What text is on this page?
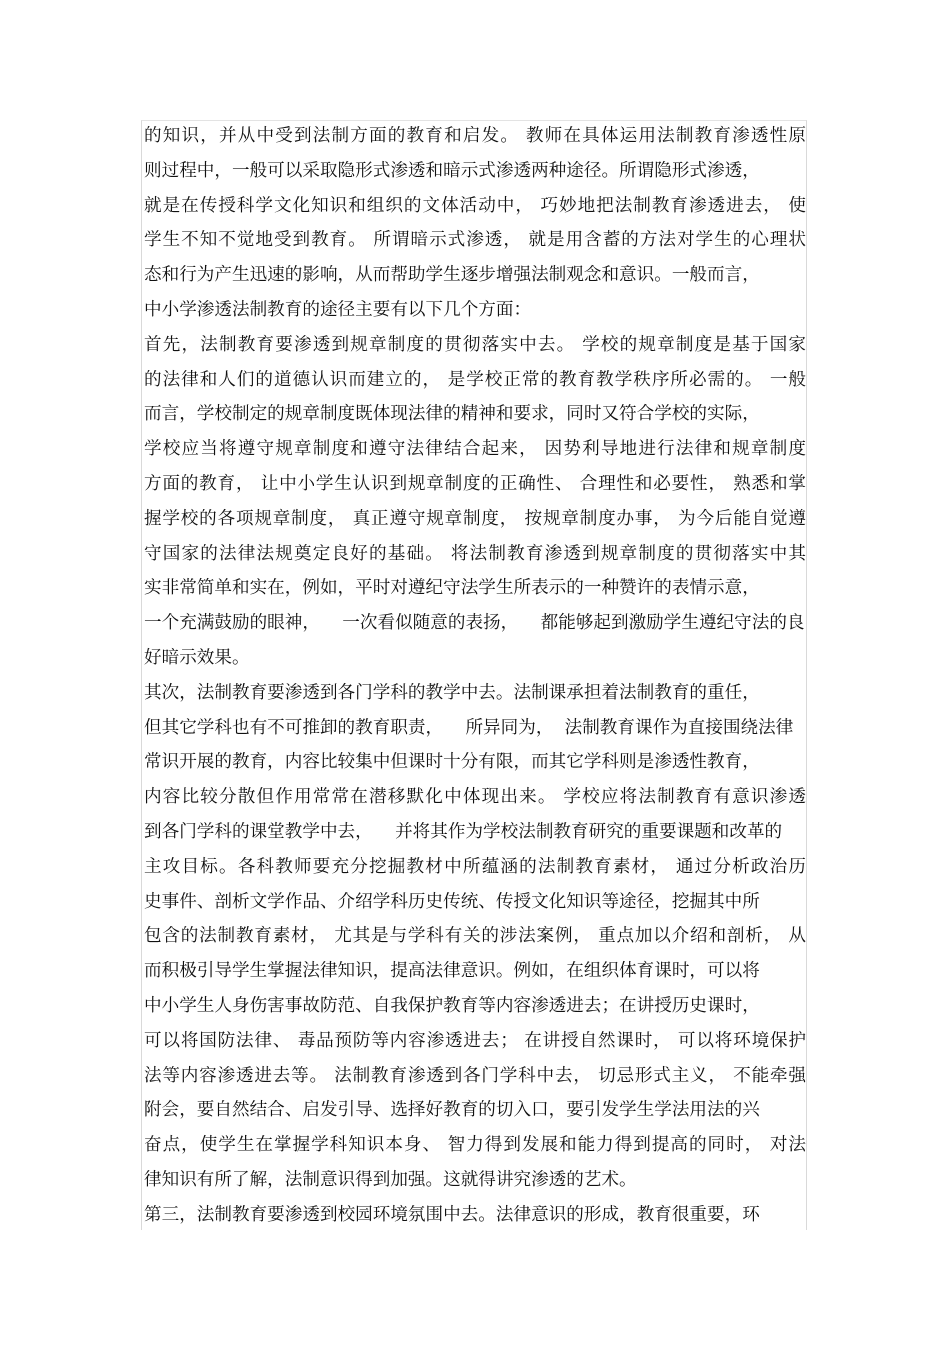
的知识，并从中受到法制方面的教育和启发。 教师在具体运用法制教育渗透性原
则过程中，一般可以采取隐形式渗透和暗示式渗透两种途径。所谓隐形式渗透，
就是在传授科学文化知识和组织的文体活动中， 巧妙地把法制教育渗透进去， 使
学生不知不觉地受到教育。 所谓暗示式渗透， 就是用含蓄的方法对学生的心理状
态和行为产生迅速的影响，从而帮助学生逐步增强法制观念和意识。一般而言，
中小学渗透法制教育的途径主要有以下几个方面：
首先，法制教育要渗透到规章制度的贯彻落实中去。 学校的规章制度是基于国家
的法律和人们的道德认识而建立的， 是学校正常的教育教学秩序所必需的。 一般
而言，学校制定的规章制度既体现法律的精神和要求，同时又符合学校的实际，
学校应当将遵守规章制度和遵守法律结合起来， 因势利导地进行法律和规章制度
方面的教育， 让中小学生认识到规章制度的正确性、 合理性和必要性， 熟悉和掌
握学校的各项规章制度， 真正遵守规章制度， 按规章制度办事， 为今后能自觉遵
守国家的法律法规奠定良好的基础。 将法制教育渗透到规章制度的贯彻落实中其
实非常简单和实在，例如，平时对遵纪守法学生所表示的一种赞许的表情示意，
一个充满鼓励的眼神，    一次看似随意的表扬，    都能够起到激励学生遵纪守法的良
好暗示效果。
其次，法制教育要渗透到各门学科的教学中去。法制课承担着法制教育的重任，
但其它学科也有不可推卸的教育职责，    所异同为，  法制教育课作为直接围绕法律
常识开展的教育，内容比较集中但课时十分有限，而其它学科则是渗透性教育，
内容比较分散但作用常常在潜移默化中体现出来。 学校应将法制教育有意识渗透
到各门学科的课堂教学中去，    并将其作为学校法制教育研究的重要课题和改革的
主攻目标。各科教师要充分挖掘教材中所蕴涵的法制教育素材， 通过分析政治历
史事件、剖析文学作品、介绍学科历史传统、传授文化知识等途径，挖掘其中所
包含的法制教育素材， 尤其是与学科有关的涉法案例， 重点加以介绍和剖析， 从
而积极引导学生掌握法律知识，提高法律意识。例如，在组织体育课时，可以将
中小学生人身伤害事故防范、自我保护教育等内容渗透进去；在讲授历史课时，
可以将国防法律、 毒品预防等内容渗透进去； 在讲授自然课时， 可以将环境保护
法等内容渗透进去等。 法制教育渗透到各门学科中去， 切忌形式主义， 不能牵强
附会，要自然结合、启发引导、选择好教育的切入口，要引发学生学法用法的兴
奋点，使学生在掌握学科知识本身、 智力得到发展和能力得到提高的同时， 对法
律知识有所了解，法制意识得到加强。这就得讲究渗透的艺术。
第三，法制教育要渗透到校园环境氛围中去。法律意识的形成，教育很重要，环
